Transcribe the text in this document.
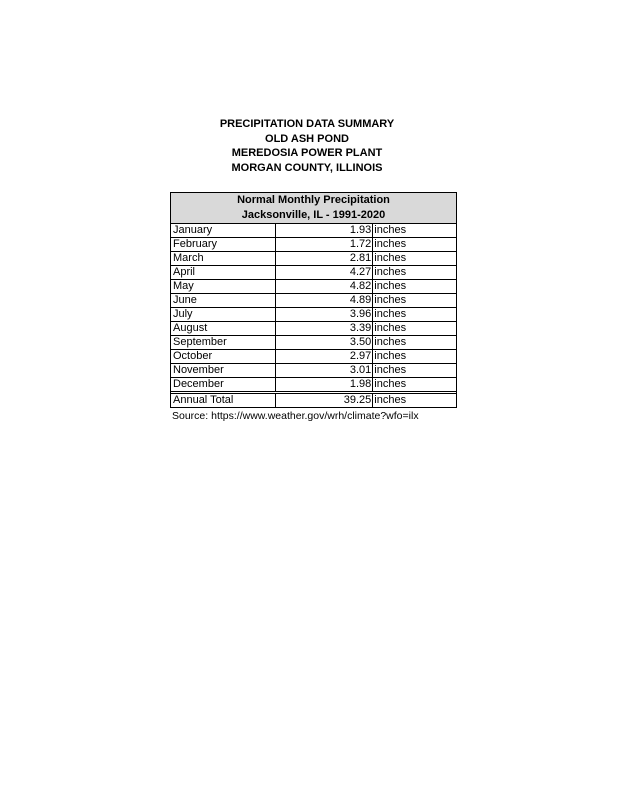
PRECIPITATION DATA SUMMARY
OLD ASH POND
MEREDOSIA POWER PLANT
MORGAN COUNTY, ILLINOIS
Normal Monthly Precipitation
Jacksonville, IL - 1991-2020		

January	1.93	inches
February	1.72	inches
March	2.81	inches
April	4.27	inches
May	4.82	inches
June	4.89	inches
July	3.96	inches
August	3.39	inches
September	3.50	inches
October	2.97	inches
November	3.01	inches
December	1.98	inches

Annual Total	39.25	inches
Source: https://www.weather.gov/wrh/climate?wfo=ilx
